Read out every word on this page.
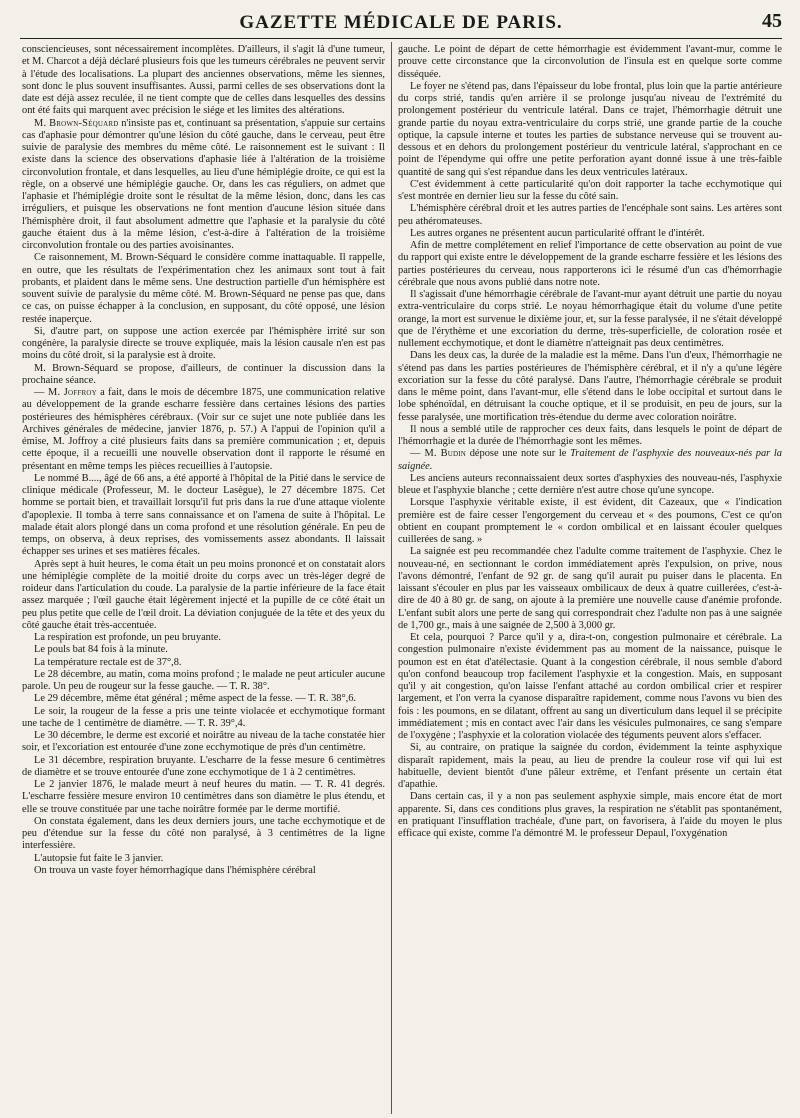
GAZETTE MÉDICALE DE PARIS.	45

consciencieuses, sont nécessairement incomplètes. D'ailleurs, il s'agit là d'une tumeur, et M. Charcot a déjà déclaré plusieurs fois que les tumeurs cérébrales ne peuvent servir à l'étude des localisations. La plupart des anciennes observations, même les siennes, sont donc le plus souvent insuffisantes. Aussi, parmi celles de ses observations dont la date est déjà assez reculée, il ne tient compte que de celles dans lesquelles des dessins ont été faits qui marquent avec précision le siége et les limites des altérations.

M. Brown-Séquard n'insiste pas et, continuant sa présentation, s'appuie sur certains cas d'aphasie pour démontrer qu'une lésion du côté gauche, dans le cerveau, peut être suivie de paralysie des membres du même côté. Le raisonnement est le suivant : Il existe dans la science des observations d'aphasie liée à l'altération de la troisième circonvolution frontale, et dans lesquelles, au lieu d'une hémiplégie droite, ce qui est la règle, on a observé une hémiplégie gauche. Or, dans les cas réguliers, on admet que l'aphasie et l'hémiplégie droite sont le résultat de la même lésion, donc, dans les cas irréguliers, et puisque les observations ne font mention d'aucune lésion située dans l'hémisphère droit, il faut absolument admettre que l'aphasie et la paralysie du côté gauche étaient dus à la même lésion, c'est-à-dire à l'altération de la troisième circonvolution frontale ou des parties avoisinantes.

Ce raisonnement, M. Brown-Séquard le considère comme inattaquable. Il rappelle, en outre, que les résultats de l'expérimentation chez les animaux sont tout à fait probants, et plaident dans le même sens. Une destruction partielle d'un hémisphère est souvent suivie de paralysie du même côté. M. Brown-Séquard ne pense pas que, dans ce cas, on puisse échapper à la conclusion, en supposant, du côté opposé, une lésion restée inaperçue.

Si, d'autre part, on suppose une action exercée par l'hémisphère irrité sur son congénère, la paralysie directe se trouve expliquée, mais la lésion causale n'en est pas moins du côté droit, si la paralysie est à droite.

M. Brown-Séquard se propose, d'ailleurs, de continuer la discussion dans la prochaine séance.

— M. Joffroy a fait, dans le mois de décembre 1875, une communication relative au développement de la grande escharre fessière dans certaines lésions des parties postérieures des hémisphères cérébraux. (Voir sur ce sujet une note publiée dans les Archives générales de médecine, janvier 1876, p. 57.) A l'appui de l'opinion qu'il a émise, M. Joffroy a cité plusieurs faits dans sa première communication ; et, depuis cette époque, il a recueilli une nouvelle observation dont il rapporte le résumé en présentant en même temps les pièces recueillies à l'autopsie.

Le nommé B...., âgé de 66 ans, a été apporté à l'hôpital de la Pitié dans le service de clinique médicale (Professeur, M. le docteur Lasègue), le 27 décembre 1875. Cet homme se portait bien, et travaillait lorsqu'il fut pris dans la rue d'une attaque violente d'apoplexie. Il tomba à terre sans connaissance et on l'amena de suite à l'hôpital. Le malade était alors plongé dans un coma profond et une résolution générale. En peu de temps, on observa, à deux reprises, des vomissements assez abondants. Il laissait échapper ses urines et ses matières fécales.

Après sept à huit heures, le coma était un peu moins prononcé et on constatait alors une hémiplégie complète de la moitié droite du corps avec un très-léger degré de roideur dans l'articulation du coude. La paralysie de la partie inférieure de la face était assez marquée ; l'œil gauche était légèrement injecté et la pupille de ce côté était un peu plus petite que celle de l'œil droit. La déviation conjuguée de la tête et des yeux du côté gauche était très-accentuée.

La respiration est profonde, un peu bruyante.

Le pouls bat 84 fois à la minute.

La température rectale est de 37°,8.

Le 28 décembre, au matin, coma moins profond ; le malade ne peut articuler aucune parole. Un peu de rougeur sur la fesse gauche. — T. R. 38°.

Le 29 décembre, même état général ; même aspect de la fesse. — T. R. 38°,6.

Le soir, la rougeur de la fesse a pris une teinte violacée et ecchymotique formant une tache de 1 centimètre de diamètre. — T. R. 39°,4.

Le 30 décembre, le derme est excorié et noirâtre au niveau de la tache constatée hier soir, et l'excoriation est entourée d'une zone ecchymotique de près d'un centimètre.

Le 31 décembre, respiration bruyante. L'escharre de la fesse mesure 6 centimètres de diamètre et se trouve entourée d'une zone ecchymotique de 1 à 2 centimètres.

Le 2 janvier 1876, le malade meurt à neuf heures du matin. — T. R. 41 degrés. L'escharre fessière mesure environ 10 centimètres dans son diamètre le plus étendu, et elle se trouve constituée par une tache noirâtre formée par le derme mortifié.

On constata également, dans les deux derniers jours, une tache ecchymotique et de peu d'étendue sur la fesse du côté non paralysé, à 3 centimètres de la ligne interfessière.

L'autopsie fut faite le 3 janvier.

On trouva un vaste foyer hémorrhagique dans l'hémisphère cérébral

gauche. Le point de départ de cette hémorrhagie est évidemment l'avant-mur, comme le prouve cette circonstance que la circonvolution de l'insula est en quelque sorte comme disséquée.

Le foyer ne s'étend pas, dans l'épaisseur du lobe frontal, plus loin que la partie antérieure du corps strié, tandis qu'en arrière il se prolonge jusqu'au niveau de l'extrémité du prolongement postérieur du ventricule latéral. Dans ce trajet, l'hémorrhagie détruit une grande partie du noyau extra-ventriculaire du corps strié, une grande partie de la couche optique, la capsule interne et toutes les parties de substance nerveuse qui se trouvent au-dessous et en dehors du prolongement postérieur du ventricule latéral, s'approchant en ce point de l'épendyme qui offre une petite perforation ayant donné issue à une très-faible quantité de sang qui s'est répandue dans les deux ventricules latéraux.

C'est évidemment à cette particularité qu'on doit rapporter la tache ecchymotique qui s'est montrée en dernier lieu sur la fesse du côté sain.

L'hémisphère cérébral droit et les autres parties de l'encéphale sont sains. Les artères sont peu athéromateuses.

Les autres organes ne présentent aucun particularité offrant le d'intérêt.

Afin de mettre complétement en relief l'importance de cette observation au point de vue du rapport qui existe entre le développement de la grande escharre fessière et les lésions des parties postérieures du cerveau, nous rapporterons ici le résumé d'un cas d'hémorrhagie cérébrale que nous avons publié dans notre note.

Il s'agissait d'une hémorrhagie cérébrale de l'avant-mur ayant détruit une partie du noyau extra-ventriculaire du corps strié. Le noyau hémorrhagique était du volume d'une petite orange, la mort est survenue le dixième jour, et, sur la fesse paralysée, il ne s'était développé que de l'érythème et une excoriation du derme, très-superficielle, de coloration rosée et nullement ecchymotique, et dont le diamètre n'atteignait pas deux centimètres.

Dans les deux cas, la durée de la maladie est la même. Dans l'un d'eux, l'hémorrhagie ne s'étend pas dans les parties postérieures de l'hémisphère cérébral, et il n'y a qu'une légère excoriation sur la fesse du côté paralysé. Dans l'autre, l'hémorrhagie cérébrale se produit dans le même point, dans l'avant-mur, elle s'étend dans le lobe occipital et surtout dans le lobe sphénoïdal, en détruisant la couche optique, et il se produisit, en peu de jours, sur la fesse paralysée, une mortification très-étendue du derme avec coloration noirâtre.

Il nous a semblé utile de rapprocher ces deux faits, dans lesquels le point de départ de l'hémorrhagie et la durée de l'hémorrhagie sont les mêmes.

— M. Budin dépose une note sur le Traitement de l'asphyxie des nouveaux-nés par la saignée.

Les anciens auteurs reconnaissaient deux sortes d'asphyxies des nouveau-nés, l'asphyxie bleue et l'asphyxie blanche ; cette dernière n'est autre chose qu'une syncope.

Lorsque l'asphyxie véritable existe, il est évident, dit Cazeaux, que « l'indication première est de faire cesser l'engorgement du cerveau et « des poumons, C'est ce qu'on obtient en coupant promptement le « cordon ombilical et en laissant écouler quelques cuillerées de sang. »

La saignée est peu recommandée chez l'adulte comme traitement de l'asphyxie. Chez le nouveau-né, en sectionnant le cordon immédiatement après l'expulsion, on prive, nous l'avons démontré, l'enfant de 92 gr. de sang qu'il aurait pu puiser dans le placenta. En laissant s'écouler en plus par les vaisseaux ombilicaux de deux à quatre cuillerées, c'est-à-dire de 40 à 80 gr. de sang, on ajoute à la première une nouvelle cause d'anémie profonde. L'enfant subit alors une perte de sang qui correspondrait chez l'adulte non pas à une saignée de 1,700 gr., mais à une saignée de 2,500 à 3,000 gr.

Et cela, pourquoi ? Parce qu'il y a, dira-t-on, congestion pulmonaire et cérébrale. La congestion pulmonaire n'existe évidemment pas au moment de la naissance, puisque le poumon est en état d'atélectasie. Quant à la congestion cérébrale, il nous semble d'abord qu'on confond beaucoup trop facilement l'asphyxie et la congestion. Mais, en supposant qu'il y ait congestion, qu'on laisse l'enfant attaché au cordon ombilical crier et respirer largement, et l'on verra la cyanose disparaître rapidement, comme nous l'avons vu bien des fois : les poumons, en se dilatant, offrent au sang un diverticulum dans lequel il se précipite immédiatement ; mis en contact avec l'air dans les vésicules pulmonaires, ce sang s'empare de l'oxygène ; l'asphyxie et la coloration violacée des téguments peuvent alors s'effacer.

Si, au contraire, on pratique la saignée du cordon, évidemment la teinte asphyxique disparaît rapidement, mais la peau, au lieu de prendre la couleur rose vif qui lui est habituelle, devient bientôt d'une pâleur extrême, et l'enfant présente un certain état d'apathie.

Dans certain cas, il y a non pas seulement asphyxie simple, mais encore état de mort apparente. Si, dans ces conditions plus graves, la respiration ne s'établit pas spontanément, en pratiquant l'insufflation trachéale, d'une part, on favorisera, à l'aide du moyen le plus efficace qui existe, comme l'a démontré M. le professeur Depaul, l'oxygénation
